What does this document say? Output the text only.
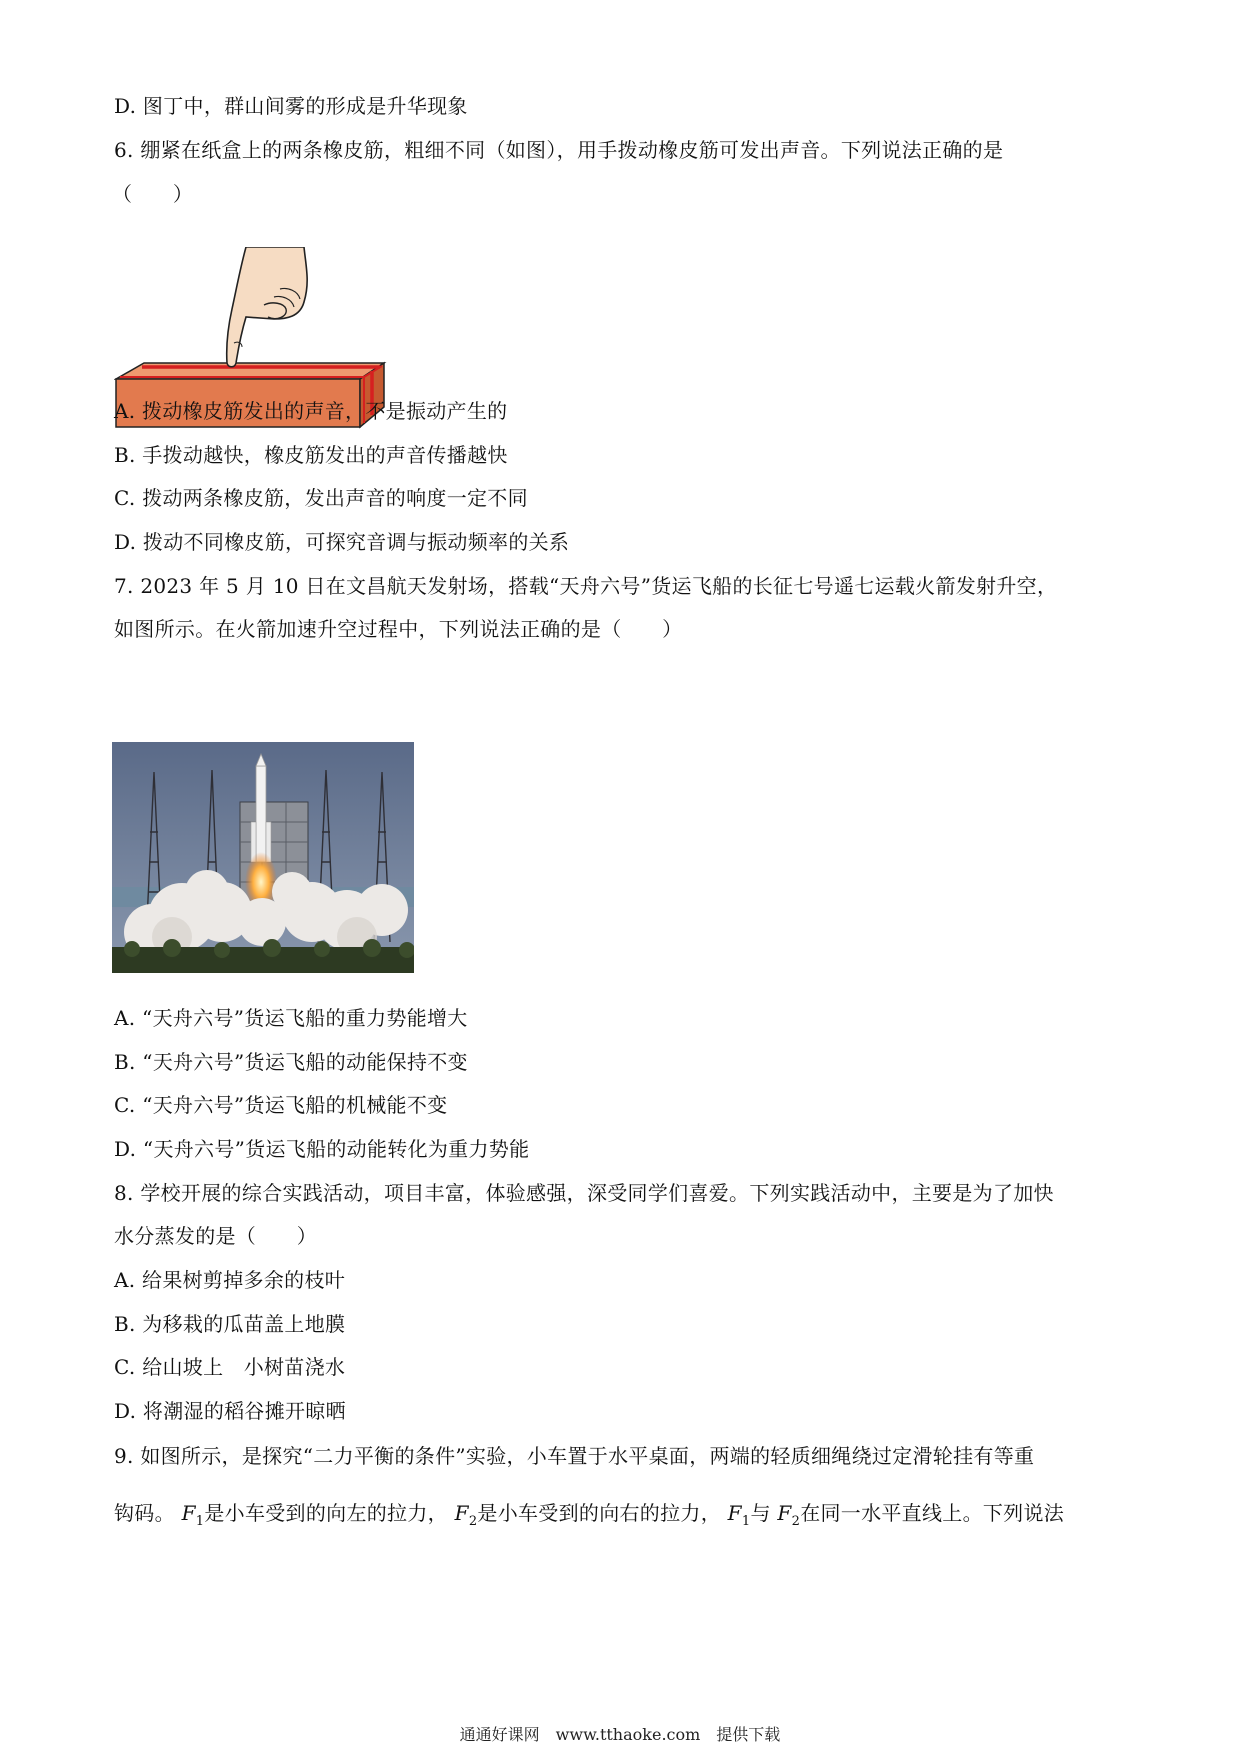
D. 图丁中，群山间雾的形成是升华现象
6. 绷紧在纸盒上的两条橡皮筋，粗细不同（如图），用手拨动橡皮筋可发出声音。下列说法正确的是
（　　）
A. 拨动橡皮筋发出的声音，不是振动产生的
B. 手拨动越快，橡皮筋发出的声音传播越快
C. 拨动两条橡皮筋，发出声音的响度一定不同
D. 拨动不同橡皮筋，可探究音调与振动频率的关系
7. 2023 年 5 月 10 日在文昌航天发射场，搭载“天舟六号”货运飞船的长征七号遥七运载火箭发射升空，
如图所示。在火箭加速升空过程中，下列说法正确的是（　　）
A. “天舟六号”货运飞船的重力势能增大
B. “天舟六号”货运飞船的动能保持不变
C. “天舟六号”货运飞船的机械能不变
D. “天舟六号”货运飞船的动能转化为重力势能
8. 学校开展的综合实践活动，项目丰富，体验感强，深受同学们喜爱。下列实践活动中，主要是为了加快
水分蒸发的是（　　）
A. 给果树剪掉多余的枝叶
B. 为移栽的瓜苗盖上地膜
C. 给山坡上　小树苗浇水
D. 将潮湿的稻谷摊开晾晒
9. 如图所示，是探究“二力平衡的条件”实验，小车置于水平桌面，两端的轻质细绳绕过定滑轮挂有等重
钩码。 $F_1$是小车受到的向左的拉力， $F_2$是小车受到的向右的拉力， $F_1$与 $F_2$在同一水平直线上。下列说法
通通好课网　www.tthaoke.com　提供下载
